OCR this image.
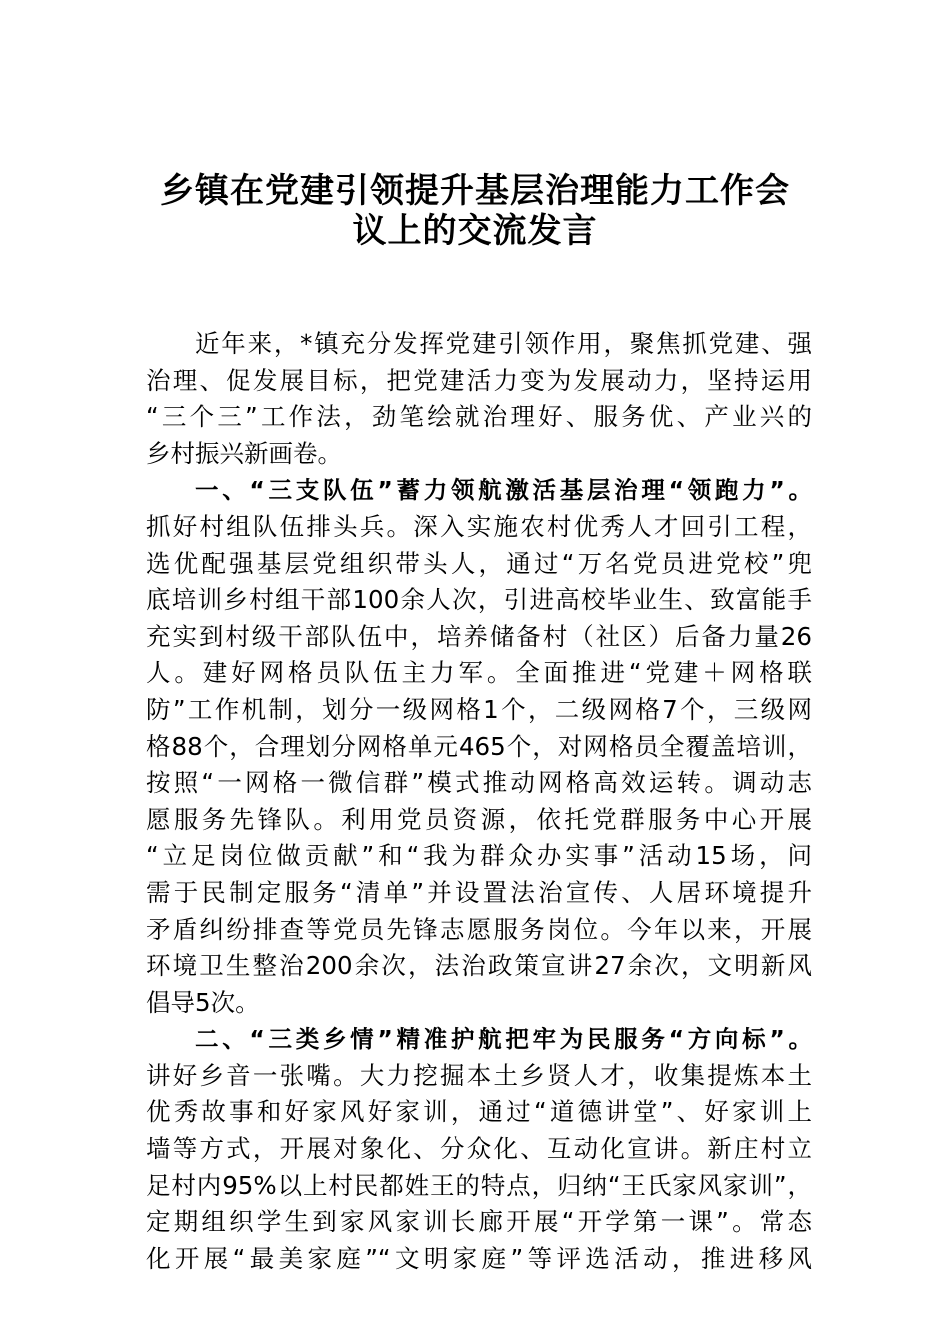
乡镇在党建引领提升基层治理能力工作会
议上的交流发言
近年来，*镇充分发挥党建引领作用，聚焦抓党建、强
治理、促发展目标，把党建活力变为发展动力，坚持运用
“三个三”工作法，劲笔绘就治理好、服务优、产业兴的
乡村振兴新画卷。
一、“三支队伍”蓄力领航激活基层治理“领跑力”。
抓好村组队伍排头兵。深入实施农村优秀人才回引工程，
选优配强基层党组织带头人，通过“万名党员进党校”兜
底培训乡村组干部100余人次，引进高校毕业生、致富能手
充实到村级干部队伍中，培养储备村（社区）后备力量26
人。建好网格员队伍主力军。全面推进“党建＋网格联
防”工作机制，划分一级网格1个，二级网格7个，三级网
格88个，合理划分网格单元465个，对网格员全覆盖培训，
按照“一网格一微信群”模式推动网格高效运转。调动志
愿服务先锋队。利用党员资源，依托党群服务中心开展
“立足岗位做贡献”和“我为群众办实事”活动15场，问
需于民制定服务“清单”并设置法治宣传、人居环境提升
矛盾纠纷排查等党员先锋志愿服务岗位。今年以来，开展
环境卫生整治200余次，法治政策宣讲27余次，文明新风
倡导5次。
二、“三类乡情”精准护航把牢为民服务“方向标”。
讲好乡音一张嘴。大力挖掘本土乡贤人才，收集提炼本土
优秀故事和好家风好家训，通过“道德讲堂”、好家训上
墙等方式，开展对象化、分众化、互动化宣讲。新庄村立
足村内95%以上村民都姓王的特点，归纳“王氏家风家训”，
定期组织学生到家风家训长廊开展“开学第一课”。常态
化开展“最美家庭”“文明家庭”等评选活动，推进移风
